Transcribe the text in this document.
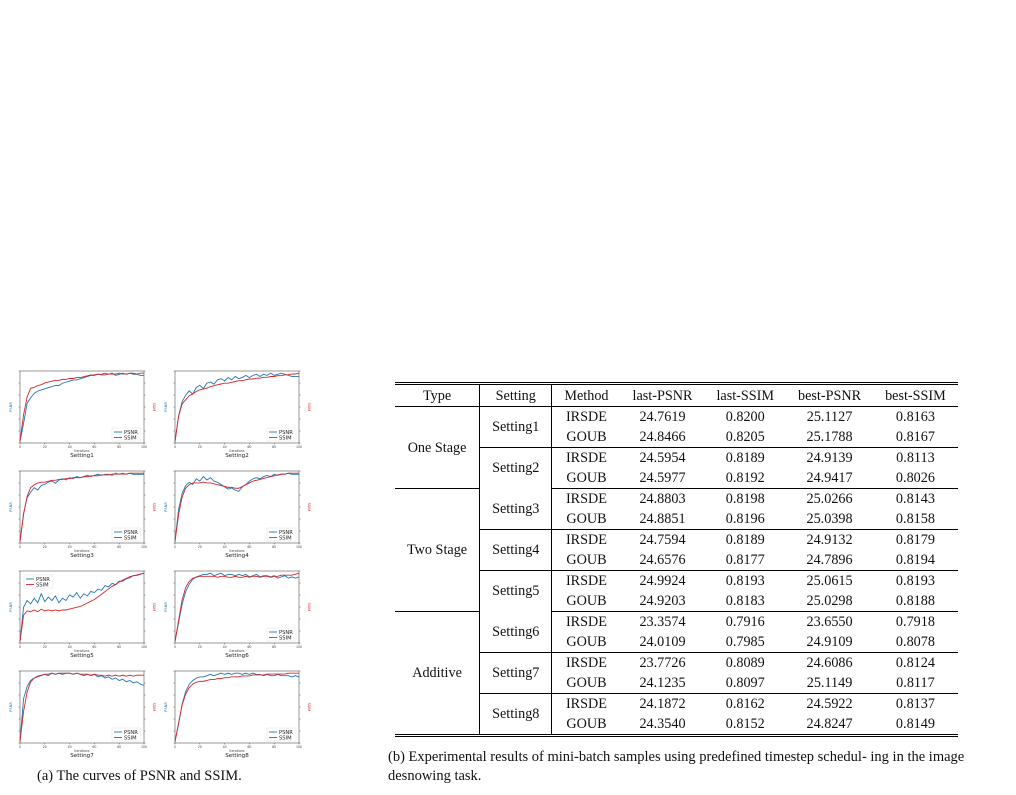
0	20	40	60	80	100
PSNR	SSIM
Iterations
Setting1
PSNR
SSIM
0	20	40	60	80	100
PSNR	SSIM
Iterations
Setting2
PSNR
SSIM
0	20	40	60	80	100
PSNR	SSIM
Iterations
Setting3
PSNR
SSIM
0	20	40	60	80	100
PSNR	SSIM
Iterations
Setting4
PSNR
SSIM
0	20	40	60	80	100
PSNR	SSIM
Iterations
Setting5
PSNR
SSIM
0	20	40	60	80	100
PSNR	SSIM
Iterations
Setting6
PSNR
SSIM
0	20	40	60	80	100
PSNR	SSIM
Iterations
Setting7
PSNR
SSIM
0	20	40	60	80	100
PSNR	SSIM
Iterations
Setting8
PSNR
SSIM
(a) The curves of PSNR and SSIM.
Type	Setting	Method	last-PSNR	last-SSIM	best-PSNR	best-SSIM
One Stage	Setting1	IRSDE	24.7619	0.8200	25.1127	0.8163
		GOUB	24.8466	0.8205	25.1788	0.8167
	Setting2	IRSDE	24.5954	0.8189	24.9139	0.8113
		GOUB	24.5977	0.8192	24.9417	0.8026
Two Stage	Setting3	IRSDE	24.8803	0.8198	25.0266	0.8143
		GOUB	24.8851	0.8196	25.0398	0.8158
	Setting4	IRSDE	24.7594	0.8189	24.9132	0.8179
		GOUB	24.6576	0.8177	24.7896	0.8194
	Setting5	IRSDE	24.9924	0.8193	25.0615	0.8193
		GOUB	24.9203	0.8183	25.0298	0.8188
Additive	Setting6	IRSDE	23.3574	0.7916	23.6550	0.7918
		GOUB	24.0109	0.7985	24.9109	0.8078
	Setting7	IRSDE	23.7726	0.8089	24.6086	0.8124
		GOUB	24.1235	0.8097	25.1149	0.8117
	Setting8	IRSDE	24.1872	0.8162	24.5922	0.8137
		GOUB	24.3540	0.8152	24.8247	0.8149
(b) Experimental results of mini-batch samples using predefined timestep schedul- ing in the image desnowing task.
